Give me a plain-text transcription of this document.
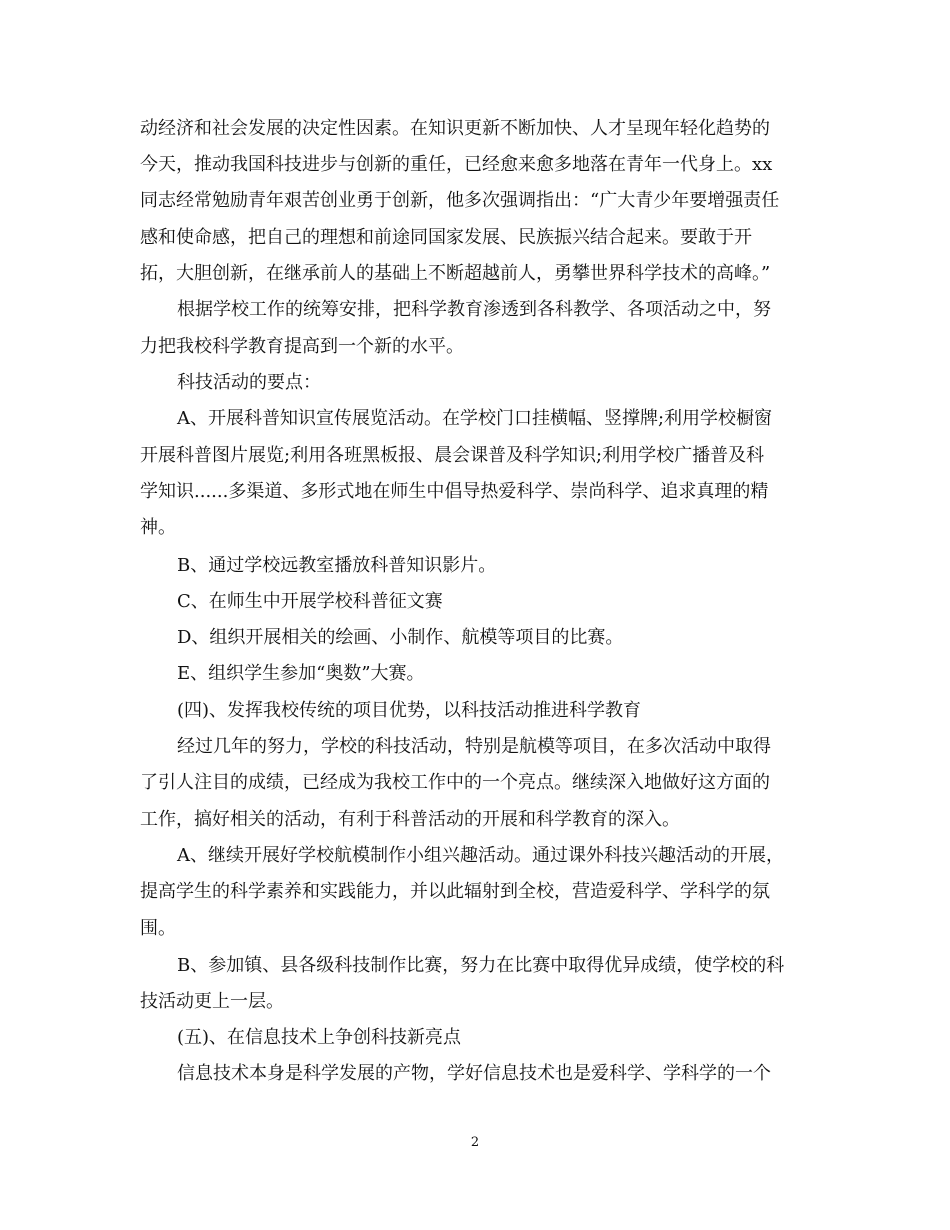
动经济和社会发展的决定性因素。在知识更新不断加快、人才呈现年轻化趋势的
今天，推动我国科技进步与创新的重任，已经愈来愈多地落在青年一代身上。xx
同志经常勉励青年艰苦创业勇于创新，他多次强调指出：“广大青少年要增强责任
感和使命感，把自己的理想和前途同国家发展、民族振兴结合起来。要敢于开
拓，大胆创新，在继承前人的基础上不断超越前人，勇攀世界科学技术的高峰。”
根据学校工作的统筹安排，把科学教育渗透到各科教学、各项活动之中，努
力把我校科学教育提高到一个新的水平。
科技活动的要点：
A、开展科普知识宣传展览活动。在学校门口挂横幅、竖撑牌;利用学校橱窗
开展科普图片展览;利用各班黑板报、晨会课普及科学知识;利用学校广播普及科
学知识......多渠道、多形式地在师生中倡导热爱科学、崇尚科学、追求真理的精
神。
B、通过学校远教室播放科普知识影片。
C、在师生中开展学校科普征文赛
D、组织开展相关的绘画、小制作、航模等项目的比赛。
E、组织学生参加“奥数”大赛。
(四)、发挥我校传统的项目优势，以科技活动推进科学教育
经过几年的努力，学校的科技活动，特别是航模等项目，在多次活动中取得
了引人注目的成绩，已经成为我校工作中的一个亮点。继续深入地做好这方面的
工作，搞好相关的活动，有利于科普活动的开展和科学教育的深入。
A、继续开展好学校航模制作小组兴趣活动。通过课外科技兴趣活动的开展，
提高学生的科学素养和实践能力，并以此辐射到全校，营造爱科学、学科学的氛
围。
B、参加镇、县各级科技制作比赛，努力在比赛中取得优异成绩，使学校的科
技活动更上一层。
(五)、在信息技术上争创科技新亮点
信息技术本身是科学发展的产物，学好信息技术也是爱科学、学科学的一个
2
